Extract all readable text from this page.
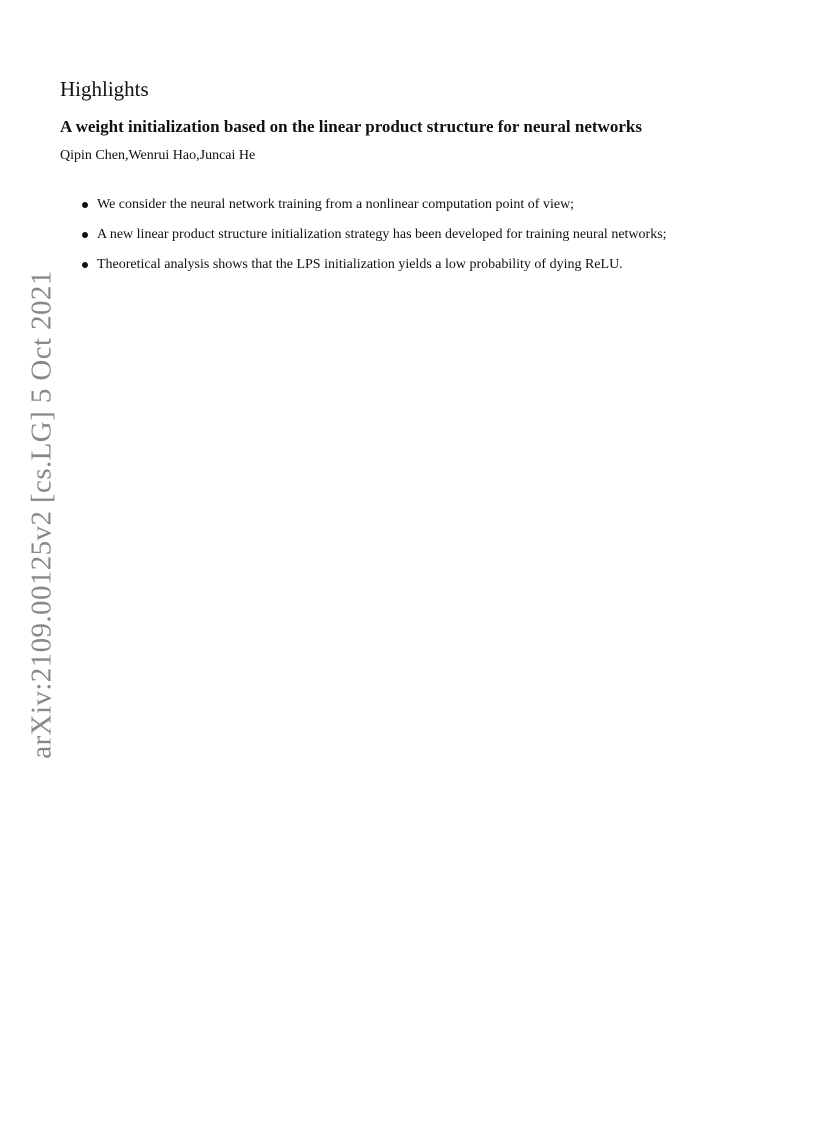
arXiv:2109.00125v2 [cs.LG] 5 Oct 2021
Highlights
A weight initialization based on the linear product structure for neural networks

Qipin Chen,Wenrui Hao,Juncai He

We consider the neural network training from a nonlinear computation point of view;
A new linear product structure initialization strategy has been developed for training neural networks;
Theoretical analysis shows that the LPS initialization yields a low probability of dying ReLU.
